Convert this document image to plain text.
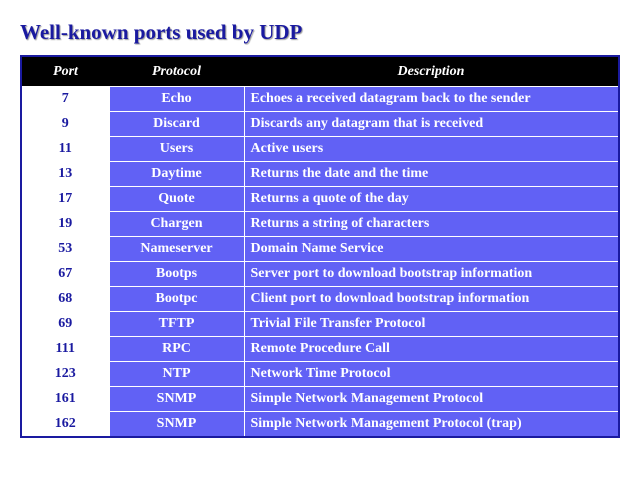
Well-known ports used by UDP
Port	Protocol	Description
7	Echo	Echoes a received datagram back to the sender
9	Discard	Discards any datagram that is received
11	Users	Active users
13	Daytime	Returns the date and the time
17	Quote	Returns a quote of the day
19	Chargen	Returns a string of characters
53	Nameserver	Domain Name Service
67	Bootps	Server port to download bootstrap information
68	Bootpc	Client port to download bootstrap information
69	TFTP	Trivial File Transfer Protocol
111	RPC	Remote Procedure Call
123	NTP	Network Time Protocol
161	SNMP	Simple Network Management Protocol
162	SNMP	Simple Network Management Protocol (trap)
